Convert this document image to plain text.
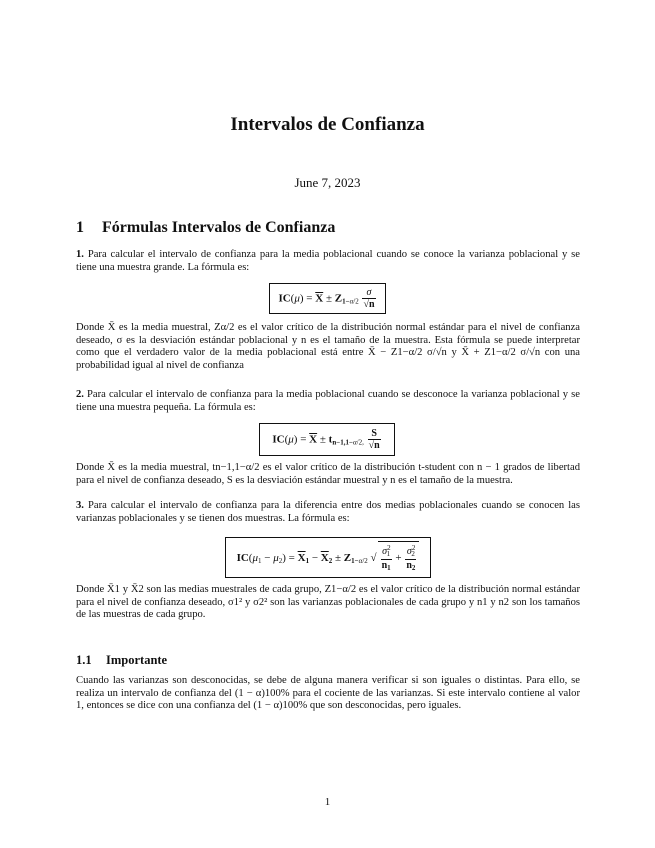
Intervalos de Confianza
June 7, 2023
1 Fórmulas Intervalos de Confianza
1. Para calcular el intervalo de confianza para la media poblacional cuando se conoce la varianza poblacional y se tiene una muestra grande. La fórmula es:
$IC(\mu) = \overline{X} \pm Z_{1-\alpha/2} \frac{\sigma}{√n}$
Donde X̄ es la media muestral, Zα/2 es el valor crítico de la distribución normal estándar para el nivel de confianza deseado, σ es la desviación estándar poblacional y n es el tamaño de la muestra. Esta fórmula se puede interpretar como que el verdadero valor de la media poblacional está entre X̄ − Z1−α/2 σ/√n y X̄ + Z1−α/2 σ/√n con una probabilidad igual al nivel de confianza
2. Para calcular el intervalo de confianza para la media poblacional cuando se desconoce la varianza poblacional y se tiene una muestra pequeña. La fórmula es:
$IC(\mu) = \overline{X} \pm t_{n-1,1-\alpha/2,} \frac{S}{√n}$
Donde X̄ es la media muestral, tn−1,1−α/2 es el valor crítico de la distribución t-student con n − 1 grados de libertad para el nivel de confianza deseado, S es la desviación estándar muestral y n es el tamaño de la muestra.
3. Para calcular el intervalo de confianza para la diferencia entre dos medias poblacionales cuando se conocen las varianzas poblacionales y se tienen dos muestras. La fórmula es:
$IC(\mu_1 - \mu_2) = \overline{X}_1 - \overline{X}_2 \pm Z_{1-\alpha/2}$ √ $\frac{\sigma^2_1}{n_1} + \frac{\sigma^2_2}{n_2}$
Donde X̄1 y X̄2 son las medias muestrales de cada grupo, Z1−α/2 es el valor crítico de la distribución normal estándar para el nivel de confianza deseado, σ1² y σ2² son las varianzas poblacionales de cada grupo y n1 y n2 son los tamaños de las muestras de cada grupo.
1.1 Importante
Cuando las varianzas son desconocidas, se debe de alguna manera verificar si son iguales o distintas. Para ello, se realiza un intervalo de confianza del (1 − α)100% para el cociente de las varianzas. Si este intervalo contiene al valor 1, entonces se dice con una confianza del (1 − α)100% que son desconocidas, pero iguales.
1
